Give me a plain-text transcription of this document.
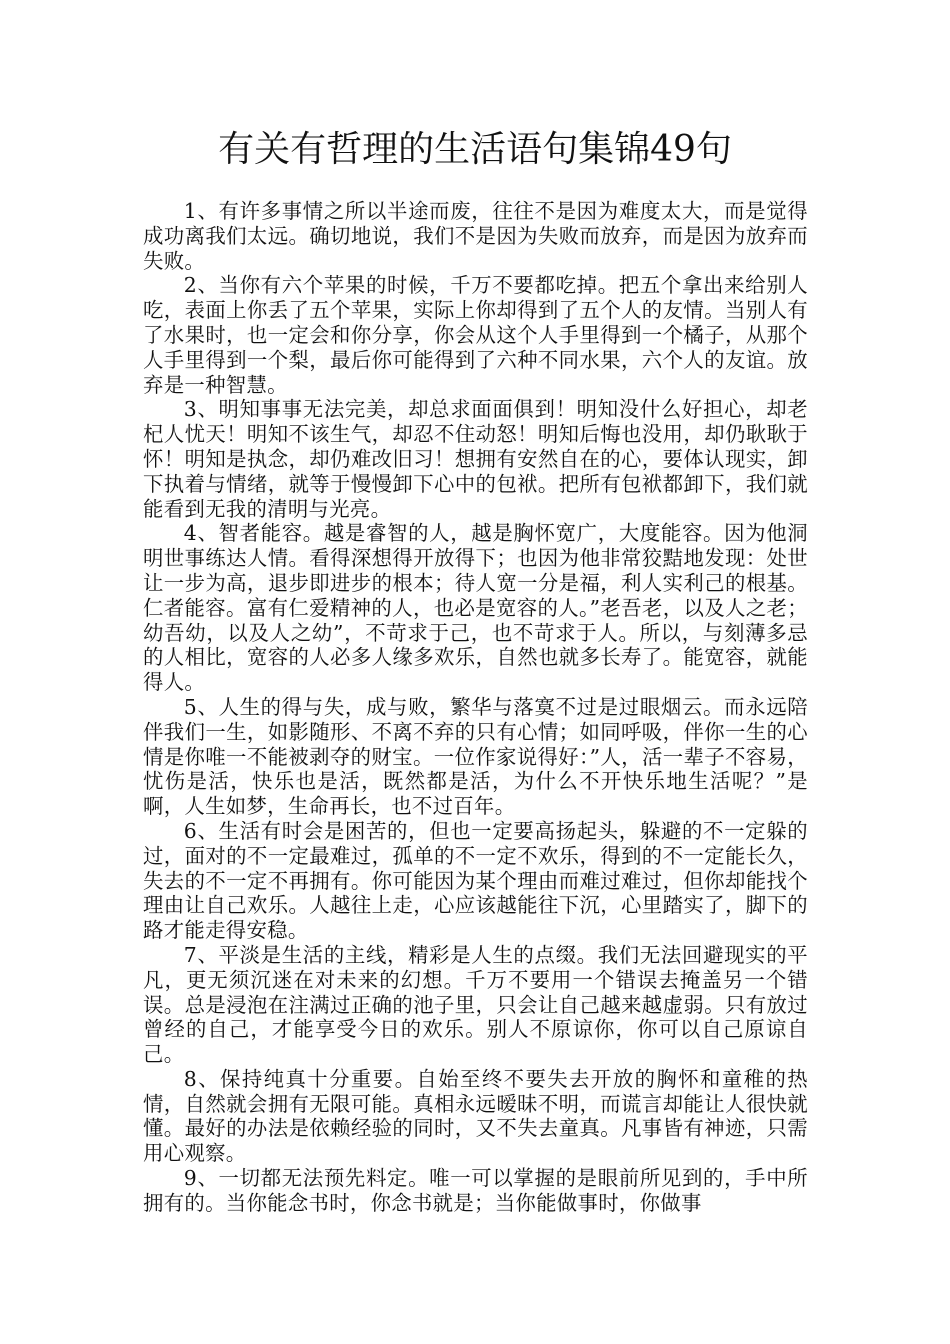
有关有哲理的生活语句集锦49句

1、有许多事情之所以半途而废，往往不是因为难度太大，而是觉得成功离我们太远。确切地说，我们不是因为失败而放弃，而是因为放弃而失败。

2、当你有六个苹果的时候，千万不要都吃掉。把五个拿出来给别人吃，表面上你丢了五个苹果，实际上你却得到了五个人的友情。当别人有了水果时，也一定会和你分享，你会从这个人手里得到一个橘子，从那个人手里得到一个梨，最后你可能得到了六种不同水果，六个人的友谊。放弃是一种智慧。

3、明知事事无法完美，却总求面面俱到！明知没什么好担心，却老杞人忧天！明知不该生气，却忍不住动怒！明知后悔也没用，却仍耿耿于怀！明知是执念，却仍难改旧习！想拥有安然自在的心，要体认现实，卸下执着与情绪，就等于慢慢卸下心中的包袱。把所有包袱都卸下，我们就能看到无我的清明与光亮。

4、智者能容。越是睿智的人，越是胸怀宽广，大度能容。因为他洞明世事练达人情。看得深想得开放得下；也因为他非常狡黠地发现：处世让一步为高，退步即进步的根本；待人宽一分是福，利人实利己的根基。仁者能容。富有仁爱精神的人，也必是宽容的人。”老吾老，以及人之老；幼吾幼，以及人之幼”，不苛求于己，也不苛求于人。所以，与刻薄多忌的人相比，宽容的人必多人缘多欢乐，自然也就多长寿了。能宽容，就能得人。

5、人生的得与失，成与败，繁华与落寞不过是过眼烟云。而永远陪伴我们一生，如影随形、不离不弃的只有心情；如同呼吸，伴你一生的心情是你唯一不能被剥夺的财宝。一位作家说得好：”人，活一辈子不容易，忧伤是活，快乐也是活，既然都是活，为什么不开快乐地生活呢？”是啊，人生如梦，生命再长，也不过百年。

6、生活有时会是困苦的，但也一定要高扬起头，躲避的不一定躲的过，面对的不一定最难过，孤单的不一定不欢乐，得到的不一定能长久，失去的不一定不再拥有。你可能因为某个理由而难过难过，但你却能找个理由让自己欢乐。人越往上走，心应该越能往下沉，心里踏实了，脚下的路才能走得安稳。

7、平淡是生活的主线，精彩是人生的点缀。我们无法回避现实的平凡，更无须沉迷在对未来的幻想。千万不要用一个错误去掩盖另一个错误。总是浸泡在注满过正确的池子里，只会让自己越来越虚弱。只有放过曾经的自己，才能享受今日的欢乐。别人不原谅你，你可以自己原谅自己。

8、保持纯真十分重要。自始至终不要失去开放的胸怀和童稚的热情，自然就会拥有无限可能。真相永远暧昧不明，而谎言却能让人很快就懂。最好的办法是依赖经验的同时，又不失去童真。凡事皆有神迹，只需用心观察。

9、一切都无法预先料定。唯一可以掌握的是眼前所见到的，手中所拥有的。当你能念书时，你念书就是；当你能做事时，你做事
